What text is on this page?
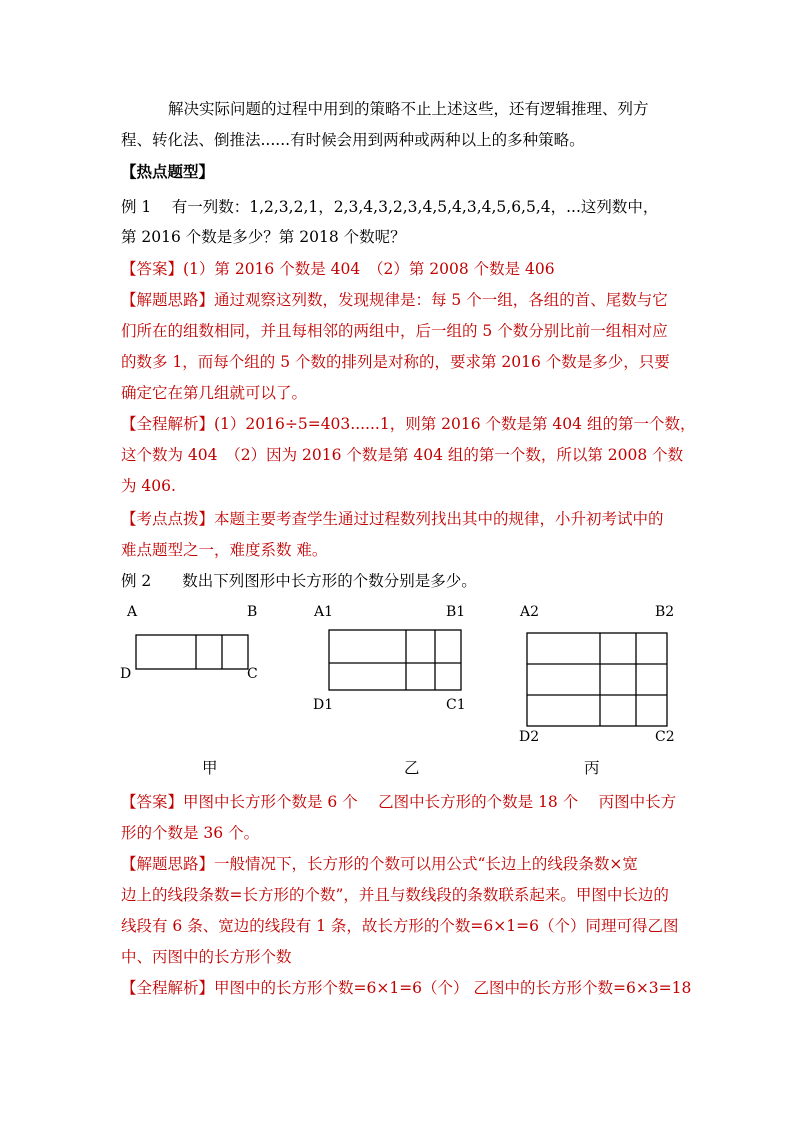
解决实际问题的过程中用到的策略不止上述这些，还有逻辑推理、列方
程、转化法、倒推法......有时候会用到两种或两种以上的多种策略。
【热点题型】
例 1　 有一列数：1,2,3,2,1，2,3,4,3,2,3,4,5,4,3,4,5,6,5,4，...这列数中，
第 2016 个数是多少？第 2018 个数呢？
【答案】(1）第 2016 个数是 404　（2）第 2008 个数是 406
【解题思路】通过观察这列数，发现规律是：每 5 个一组，各组的首、尾数与它
们所在的组数相同，并且每相邻的两组中，后一组的 5 个数分别比前一组相对应
的数多 1，而每个组的 5 个数的排列是对称的，要求第 2016 个数是多少，只要
确定它在第几组就可以了。
【全程解析】(1）2016÷5=403......1，则第 2016 个数是第 404 组的第一个数，
这个数为 404　（2）因为 2016 个数是第 404 组的第一个数，所以第 2008 个数
为 406.
【考点点拨】本题主要考查学生通过过程数列找出其中的规律，小升初考试中的
难点题型之一，难度系数 难。
例 2　　数出下列图形中长方形的个数分别是多少。
A	B
D	C
A1	B1
D1	C1
A2	B2
D2	C2
甲	乙	丙
【答案】甲图中长方形个数是 6 个　 乙图中长方形的个数是 18 个　 丙图中长方
形的个数是 36 个。
【解题思路】一般情况下，长方形的个数可以用公式“长边上的线段条数×宽
边上的线段条数=长方形的个数”，并且与数线段的条数联系起来。甲图中长边的
线段有 6 条、宽边的线段有 1 条，故长方形的个数=6×1=6（个）同理可得乙图
中、丙图中的长方形个数
【全程解析】甲图中的长方形个数=6×1=6（个） 乙图中的长方形个数=6×3=18
